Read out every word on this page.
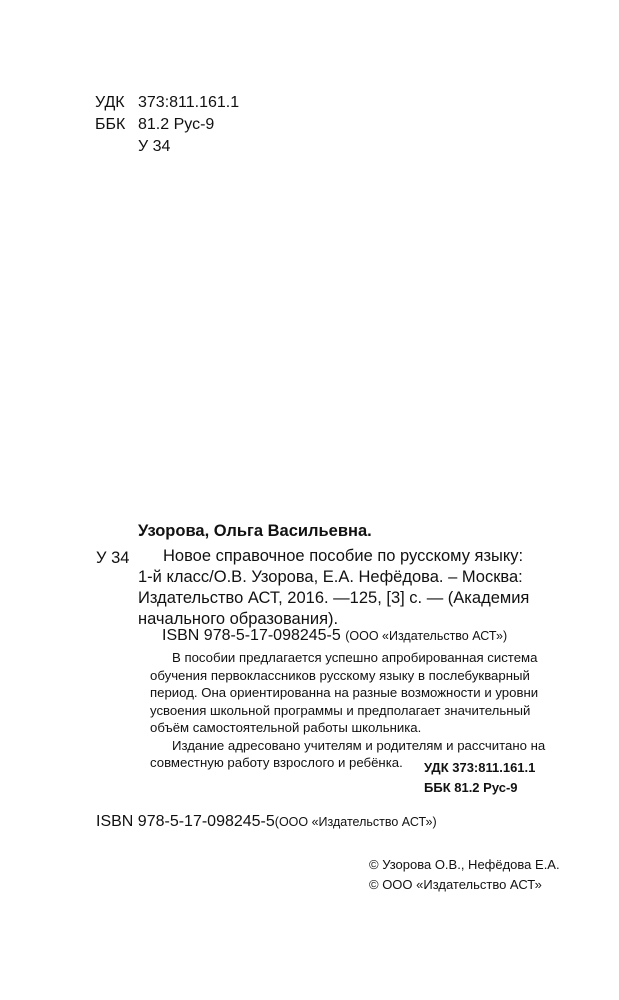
УДК 373:811.161.1
ББК 81.2 Рус-9
У 34
Узорова, Ольга Васильевна.
У 34 Новое справочное пособие по русскому языку:
1-й класс/О.В. Узорова, Е.А. Нефёдова. – Москва:
Издательство АСТ, 2016. —125, [3] с. — (Академия
начального образования).
ISBN 978-5-17-098245-5 (ООО «Издательство АСТ»)

В пособии предлагается успешно апробированная система обучения первоклассников русскому языку в послебукварный период. Она ориентированна на разные возможности и уровни усвоения школьной программы и предполагает значительный объём самостоятельной работы школьника.

Издание адресовано учителям и родителям и рассчитано на совместную работу взрослого и ребёнка.	УДК 373:811.161.1
ББК 81.2 Рус-9
ISBN 978-5-17-098245-5(ООО «Издательство АСТ»)
© Узорова О.В., Нефёдова Е.А.
© ООО «Издательство АСТ»
